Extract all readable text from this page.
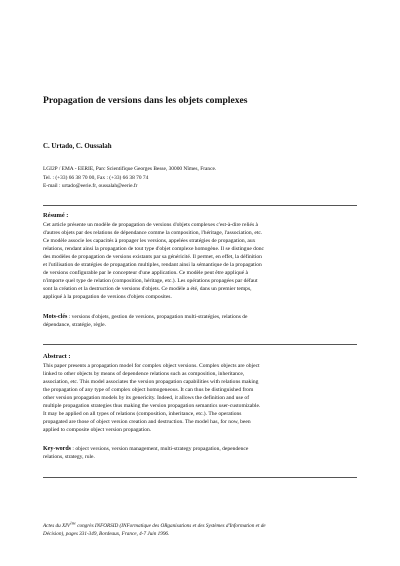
Propagation de versions dans les objets complexes
C. Urtado, C. Oussalah
LGI2P / EMA - EERIE, Parc Scientifique Georges Besse, 30000 Nîmes, France.
Tel. : (+33) 66 38 70 00, Fax : (+33) 66 38 70 74
E-mail : urtado@eerie.fr, oussalah@eerie.fr
Résumé :
Cet article présente un modèle de propagation de versions d'objets complexes c'est-à-dire reliés à
d'autres objets par des relations de dépendance comme la composition, l'héritage, l'association, etc.
Ce modèle associe les capacités à propager les versions, appelées stratégies de propagation, aux
relations, rendant ainsi la propagation de tout type d'objet complexe homogène. Il se distingue donc
des modèles de propagation de versions existants par sa généricité. Il permet, en effet, la définition
et l'utilisation de stratégies de propagation multiples, rendant ainsi la sémantique de la propagation
de versions configurable par le concepteur d'une application. Ce modèle peut être appliqué à
n'importe quel type de relation (composition, héritage, etc.). Les opérations propagées par défaut
sont la création et la destruction de versions d'objets. Ce modèle a été, dans un premier temps,
appliqué à la propagation de versions d'objets composites.
Mots-clés : versions d'objets, gestion de versions, propagation multi-stratégies, relations de
dépendance, stratégie, règle.
Abstract :
This paper presents a propagation model for complex object versions. Complex objects are object
linked to other objects by means of dependence relations such as composition, inheritance,
association, etc. This model associates the version propagation capabilities with relations making
the propagation of any type of complex object homogeneous. It can thus be distinguished from
other version propagation models by its genericity. Indeed, it allows the definition and use of
multiple propagation strategies thus making the version propagation semantics user-customizable.
It may be applied on all types of relations (composition, inheritance, etc.). The operations
propagated are those of object version creation and destruction. The model has, for now, been
applied to composite object version propagation.
Key-words : object versions, version management, multi-strategy propagation, dependence
relations, strategy, rule.
Actes du XIVème congrès INFORSID (INFormatique des ORganisations et des Systèmes d'Information et de
Décision), pages 331-349, Bordeaux, France, 4-7 Juin 1996.
